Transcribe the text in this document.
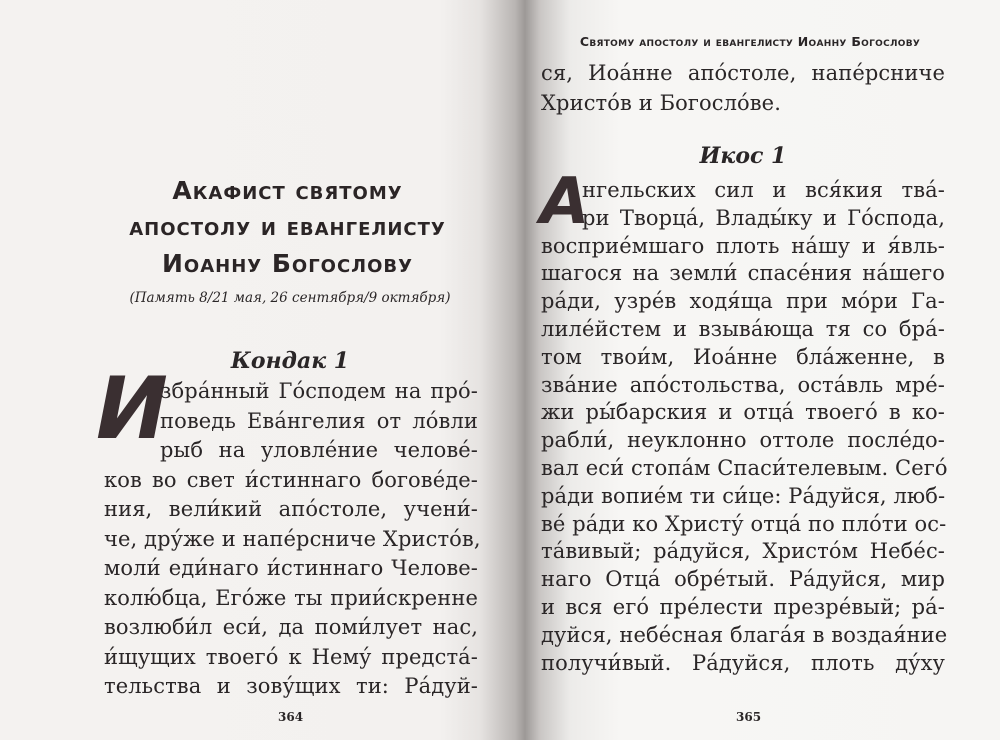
Акафист святому
апостолу и евангелисту
Иоанну Богослову
(Память 8/21 мая, 26 сентября/9 октября)
Кондак 1
И
збра́нный Го́сподем на про́-
поведь Ева́нгелия от ло́вли
рыб на уловле́ние челове́-
ков во свет и́стиннаго богове́де-
ния, вели́кий апо́столе, учени́-
че, дру́же и напе́рсниче Христо́в,
моли́ еди́наго и́стиннаго Челове-
колю́бца, Его́же ты прии́скренне
возлюби́л еси́, да поми́лует нас,
и́щущих твоего́ к Нему́ предста́-
тельства и зову́щих ти: Ра́дуй-
364
Святому апостолу и евангелисту Иоанну Богослову
ся, Иоа́нне апо́столе, напе́рсниче
Христо́в и Богосло́ве.
Икос 1
А
нгельских сил и вся́кия тва́-
ри Творца́, Влады́ку и Го́спода,
восприе́мшаго плоть на́шу и я́вль-
шагося на земли́ спасе́ния на́шего
ра́ди, узре́в ходя́ща при мо́ри Га-
лиле́йстем и взыва́юща тя со бра́-
том твои́м, Иоа́нне бла́женне, в
зва́ние апо́стольства, оста́вль мре́-
жи ры́барския и отца́ твоего́ в ко-
рабли́, неуклонно оттоле после́до-
вал еси́ стопа́м Спаси́телевым. Сего́
ра́ди вопие́м ти си́це: Ра́дуйся, люб-
ве́ ра́ди ко Христу́ отца́ по пло́ти ос-
та́вивый; ра́дуйся, Христо́м Небе́с-
наго Отца́ обре́тый. Ра́дуйся, мир
и вся его́ пре́лести презре́вый; ра́-
дуйся, небе́сная блага́я в воздая́ние
получи́вый. Ра́дуйся, плоть ду́ху
365
